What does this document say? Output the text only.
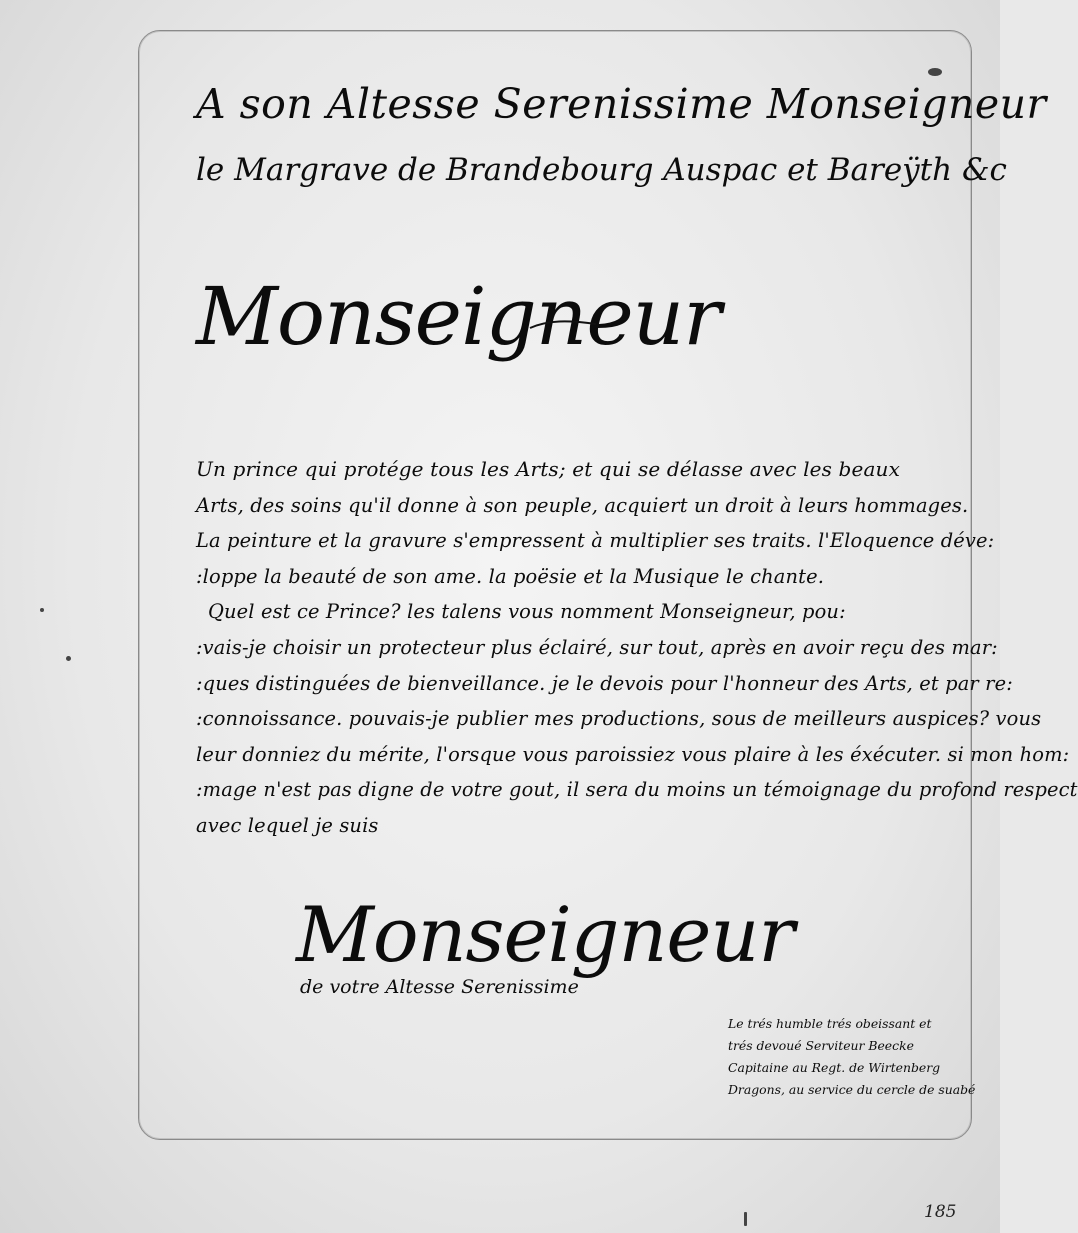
A son Altesse Serenissime Monseigneur
le Margrave de Brandebourg Auspac et Bareÿth &c
Monseigneur
Un prince qui protége tous les Arts; et qui se délasse avec les beaux
Arts, des soins qu'il donne à son peuple, acquiert un droit à leurs hommages.
La peinture et la gravure s'empressent à multiplier ses traits. l'Eloquence déve:
:loppe la beauté de son ame. la poësie et la Musique le chante.
Quel est ce Prince? les talens vous nomment Monseigneur, pou:
:vais-je choisir un protecteur plus éclairé, sur tout, après en avoir reçu des mar:
:ques distinguées de bienveillance. je le devois pour l'honneur des Arts, et par re:
:connoissance. pouvais-je publier mes productions, sous de meilleurs auspices? vous
leur donniez du mérite, l'orsque vous paroissiez vous plaire à les éxécuter. si mon hom:
:mage n'est pas digne de votre gout, il sera du moins un témoignage du profond respect
avec lequel je suis
Monseigneur
de votre Altesse Serenissime
Le trés humble trés obeissant et
trés devoué Serviteur Beecke
Capitaine au Regt. de Wirtenberg
Dragons, au service du cercle de suabé
185
